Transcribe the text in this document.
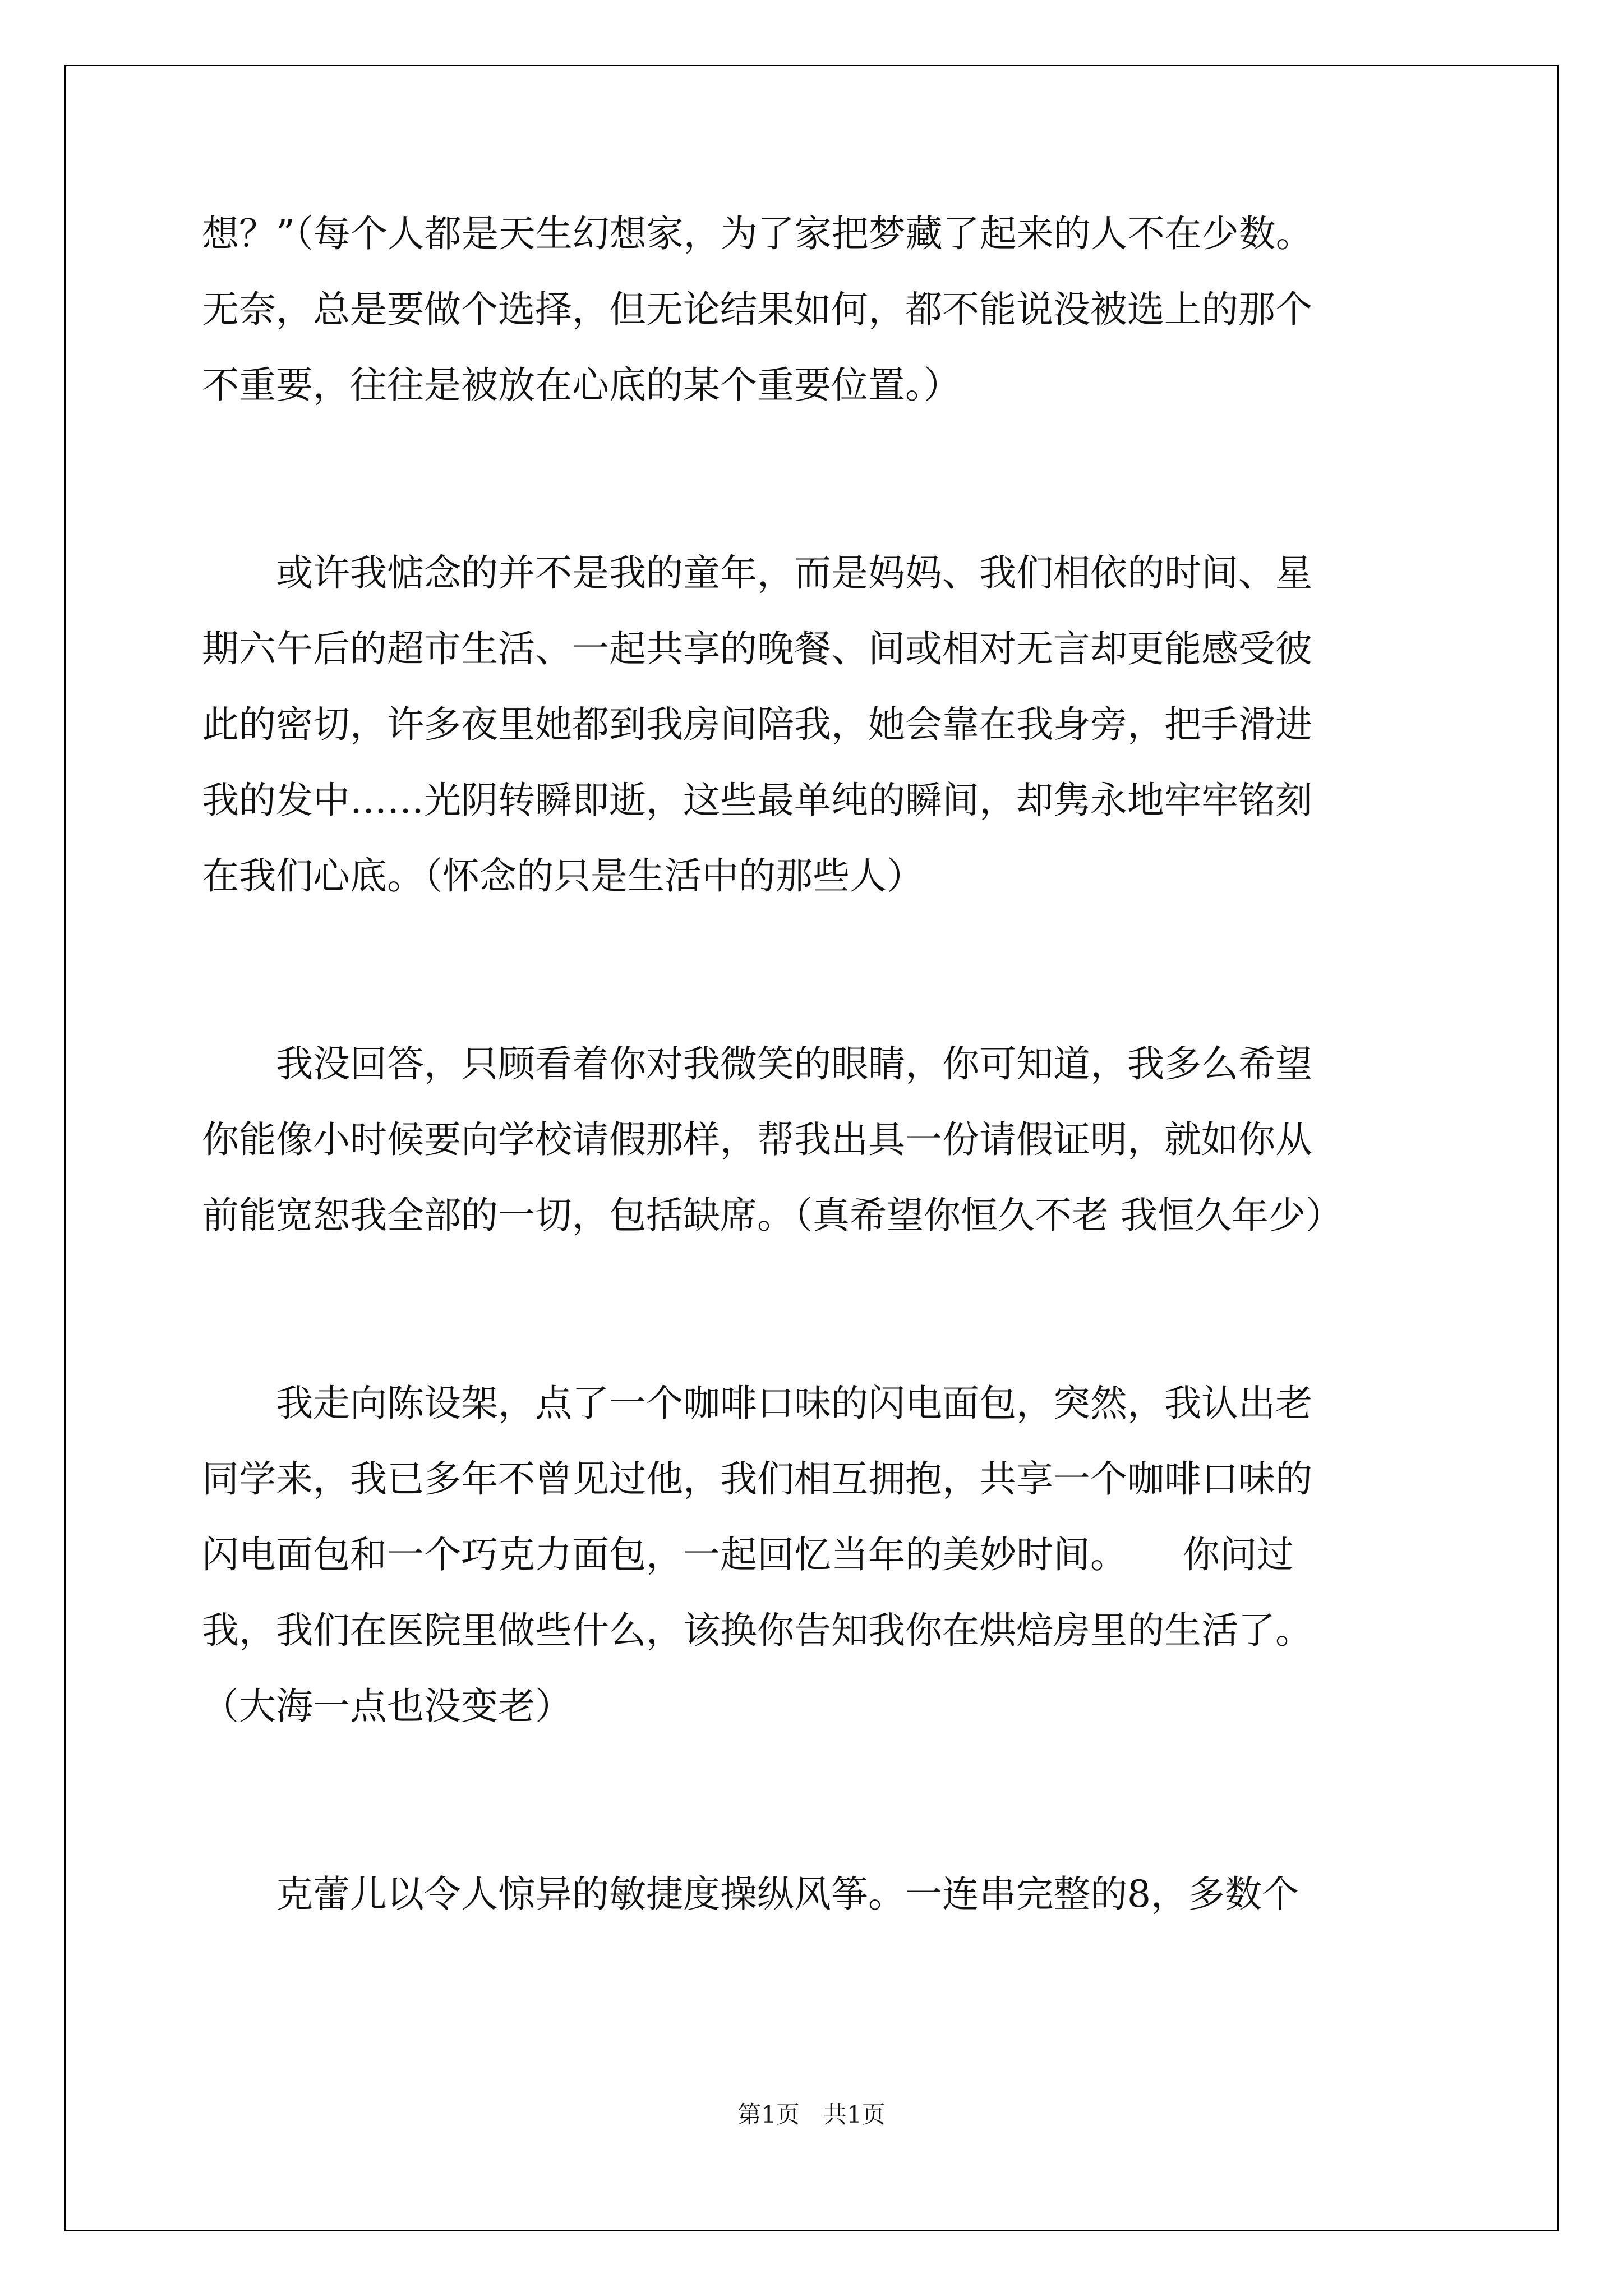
想？”（每个人都是天生幻想家，为了家把梦藏了起来的人不在少数。
无奈，总是要做个选择，但无论结果如何，都不能说没被选上的那个
不重要，往往是被放在心底的某个重要位置。）
　　或许我惦念的并不是我的童年，而是妈妈、我们相依的时间、星
期六午后的超市生活、一起共享的晚餐、间或相对无言却更能感受彼
此的密切，许多夜里她都到我房间陪我，她会靠在我身旁，把手滑进
我的发中……光阴转瞬即逝，这些最单纯的瞬间，却隽永地牢牢铭刻
在我们心底。（怀念的只是生活中的那些人）
　　我没回答，只顾看着你对我微笑的眼睛，你可知道，我多么希望
你能像小时候要向学校请假那样，帮我出具一份请假证明，就如你从
前能宽恕我全部的一切，包括缺席。（真希望你恒久不老 我恒久年少）
　　我走向陈设架，点了一个咖啡口味的闪电面包，突然，我认出老
同学来，我已多年不曾见过他，我们相互拥抱，共享一个咖啡口味的
闪电面包和一个巧克力面包，一起回忆当年的美妙时间。　　你问过
我，我们在医院里做些什么，该换你告知我你在烘焙房里的生活了。
（大海一点也没变老）
　　克蕾儿以令人惊异的敏捷度操纵风筝。一连串完整的8，多数个
第1页　共1页
